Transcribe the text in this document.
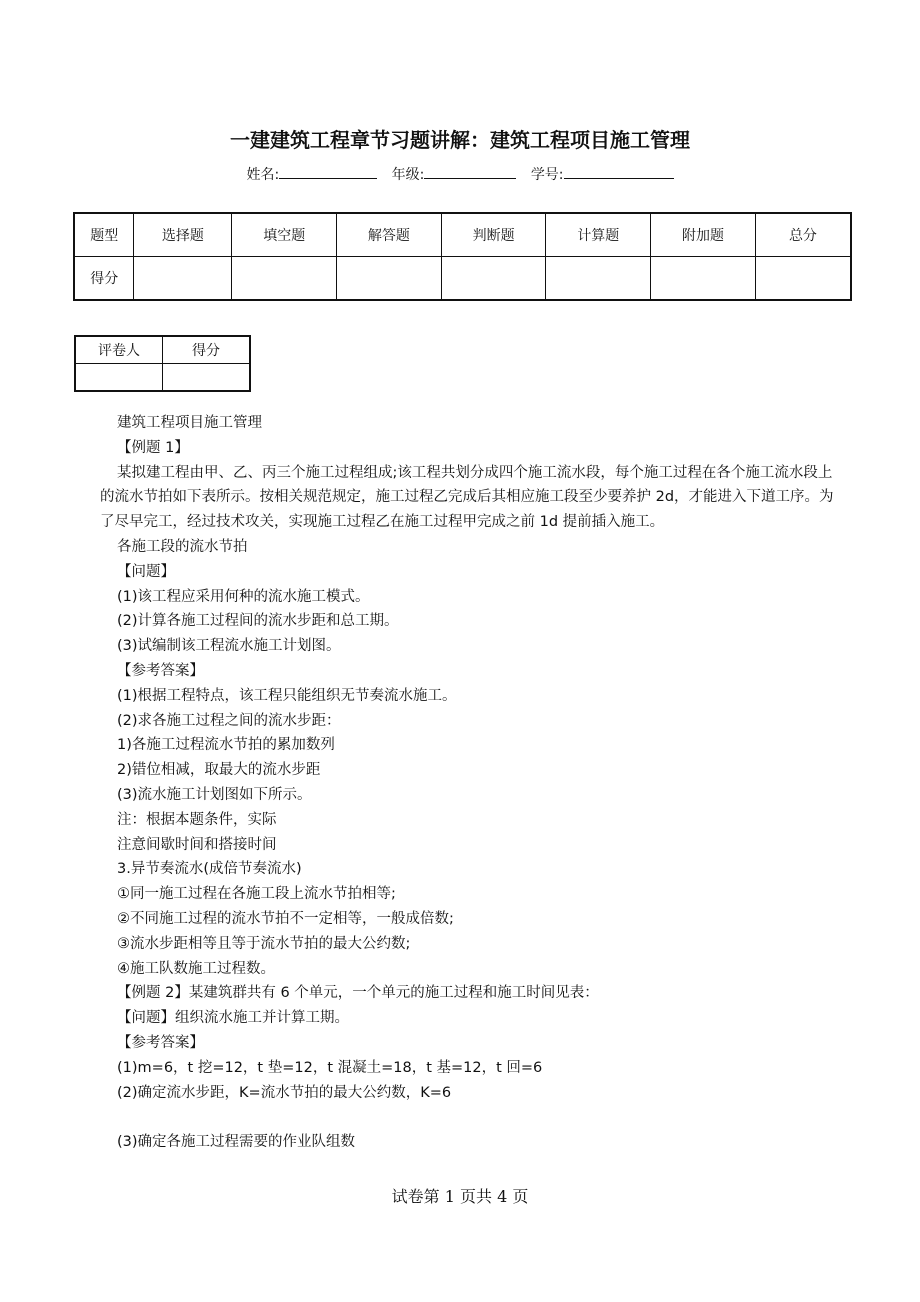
一建建筑工程章节习题讲解：建筑工程项目施工管理
姓名:	年级:	学号:
题型	选择题	填空题	解答题	判断题	计算题	附加题	总分
得分							
评卷人	得分

建筑工程项目施工管理
【例题 1】
某拟建工程由甲、乙、丙三个施工过程组成;该工程共划分成四个施工流水段，每个施工过程在各个施工流水段上的流水节拍如下表所示。按相关规范规定，施工过程乙完成后其相应施工段至少要养护 2d，才能进入下道工序。为了尽早完工，经过技术攻关，实现施工过程乙在施工过程甲完成之前 1d 提前插入施工。
各施工段的流水节拍
【问题】
(1)该工程应采用何种的流水施工模式。
(2)计算各施工过程间的流水步距和总工期。
(3)试编制该工程流水施工计划图。
【参考答案】
(1)根据工程特点，该工程只能组织无节奏流水施工。
(2)求各施工过程之间的流水步距：
1)各施工过程流水节拍的累加数列
2)错位相减，取最大的流水步距
(3)流水施工计划图如下所示。
注：根据本题条件，实际
注意间歇时间和搭接时间
3.异节奏流水(成倍节奏流水)
①同一施工过程在各施工段上流水节拍相等;
②不同施工过程的流水节拍不一定相等，一般成倍数;
③流水步距相等且等于流水节拍的最大公约数;
④施工队数施工过程数。
【例题 2】某建筑群共有 6 个单元，一个单元的施工过程和施工时间见表：
【问题】组织流水施工并计算工期。
【参考答案】
(1)m=6，t 挖=12，t 垫=12，t 混凝土=18，t 基=12，t 回=6
(2)确定流水步距，K=流水节拍的最大公约数，K=6
(3)确定各施工过程需要的作业队组数
试卷第 1 页共 4 页
